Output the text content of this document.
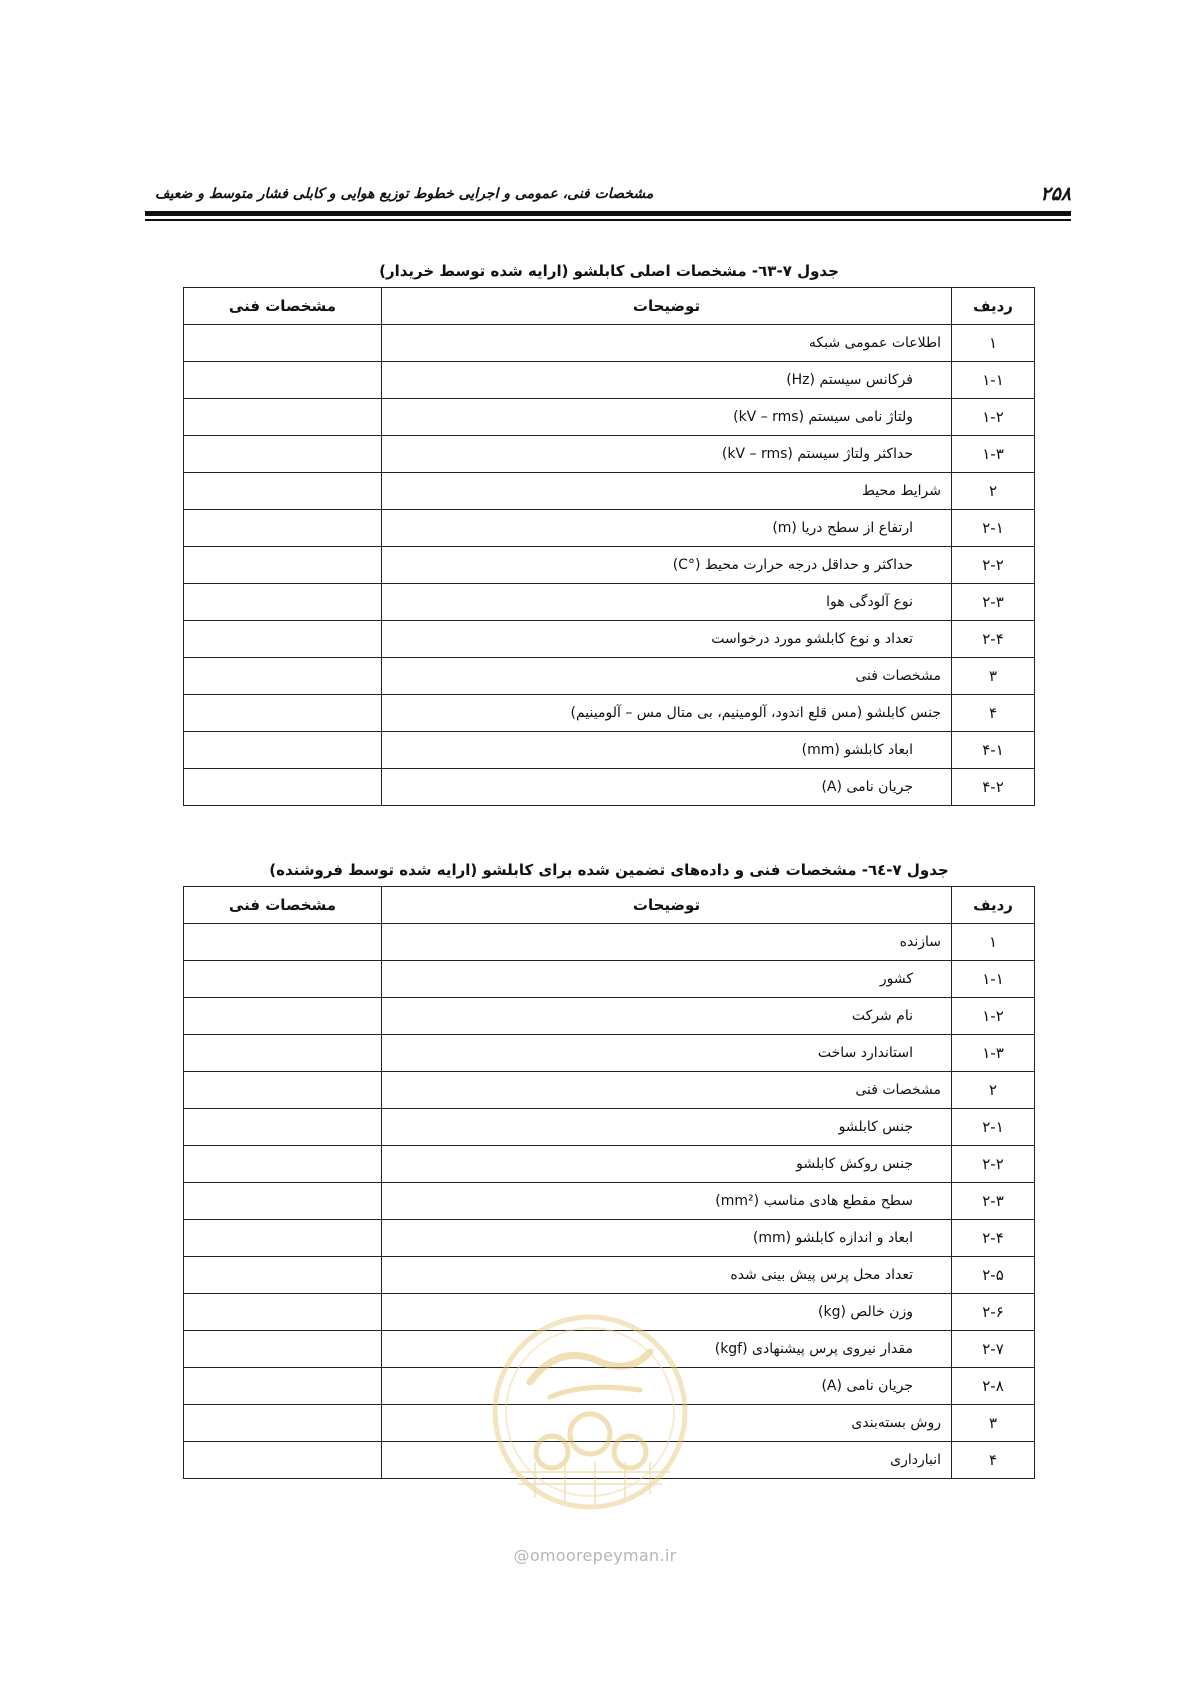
۲۵۸
مشخصات فنی، عمومی و اجرایی خطوط توزیع هوایی و کابلی فشار متوسط و ضعیف
جدول ۷-٦٣- مشخصات اصلی کابلشو (ارایه شده توسط خریدار)
ردیف	توضیحات	مشخصات فنی
۱	اطلاعات عمومی شبکه	
۱-۱	فرکانس سیستم (Hz)	
۱-۲	ولتاژ نامی سیستم (kV – rms)	
۱-۳	حداکثر ولتاژ سیستم (kV – rms)	
۲	شرایط محیط	
۲-۱	ارتفاع از سطح دریا (m)	
۲-۲	حداکثر و حداقل درجه حرارت محیط (°C)	
۲-۳	نوع آلودگی هوا	
۲-۴	تعداد و نوع کابلشو مورد درخواست	
۳	مشخصات فنی	
۴	جنس کابلشو (مس قلع اندود، آلومینیم، بی متال مس – آلومینیم)	
۴-۱	ابعاد کابلشو (mm)	
۴-۲	جریان نامی (A)	
جدول ۷-٦٤- مشخصات فنی و داده‌های تضمین شده برای کابلشو (ارایه شده توسط فروشنده)
ردیف	توضیحات	مشخصات فنی
۱	سازنده	
۱-۱	کشور	
۱-۲	نام شرکت	
۱-۳	استاندارد ساخت	
۲	مشخصات فنی	
۲-۱	جنس کابلشو	
۲-۲	جنس روکش کابلشو	
۲-۳	سطح مقطع هادی مناسب (mm²)	
۲-۴	ابعاد و اندازه کابلشو (mm)	
۲-۵	تعداد محل پرس پیش بینی شده	
۲-۶	وزن خالص (kg)	
۲-۷	مقدار نیروی پرس پیشنهادی (kgf)	
۲-۸	جریان نامی (A)	
۳	روش بسته‌بندی	
۴	انبارداری	
@omoorepeyman.ir
